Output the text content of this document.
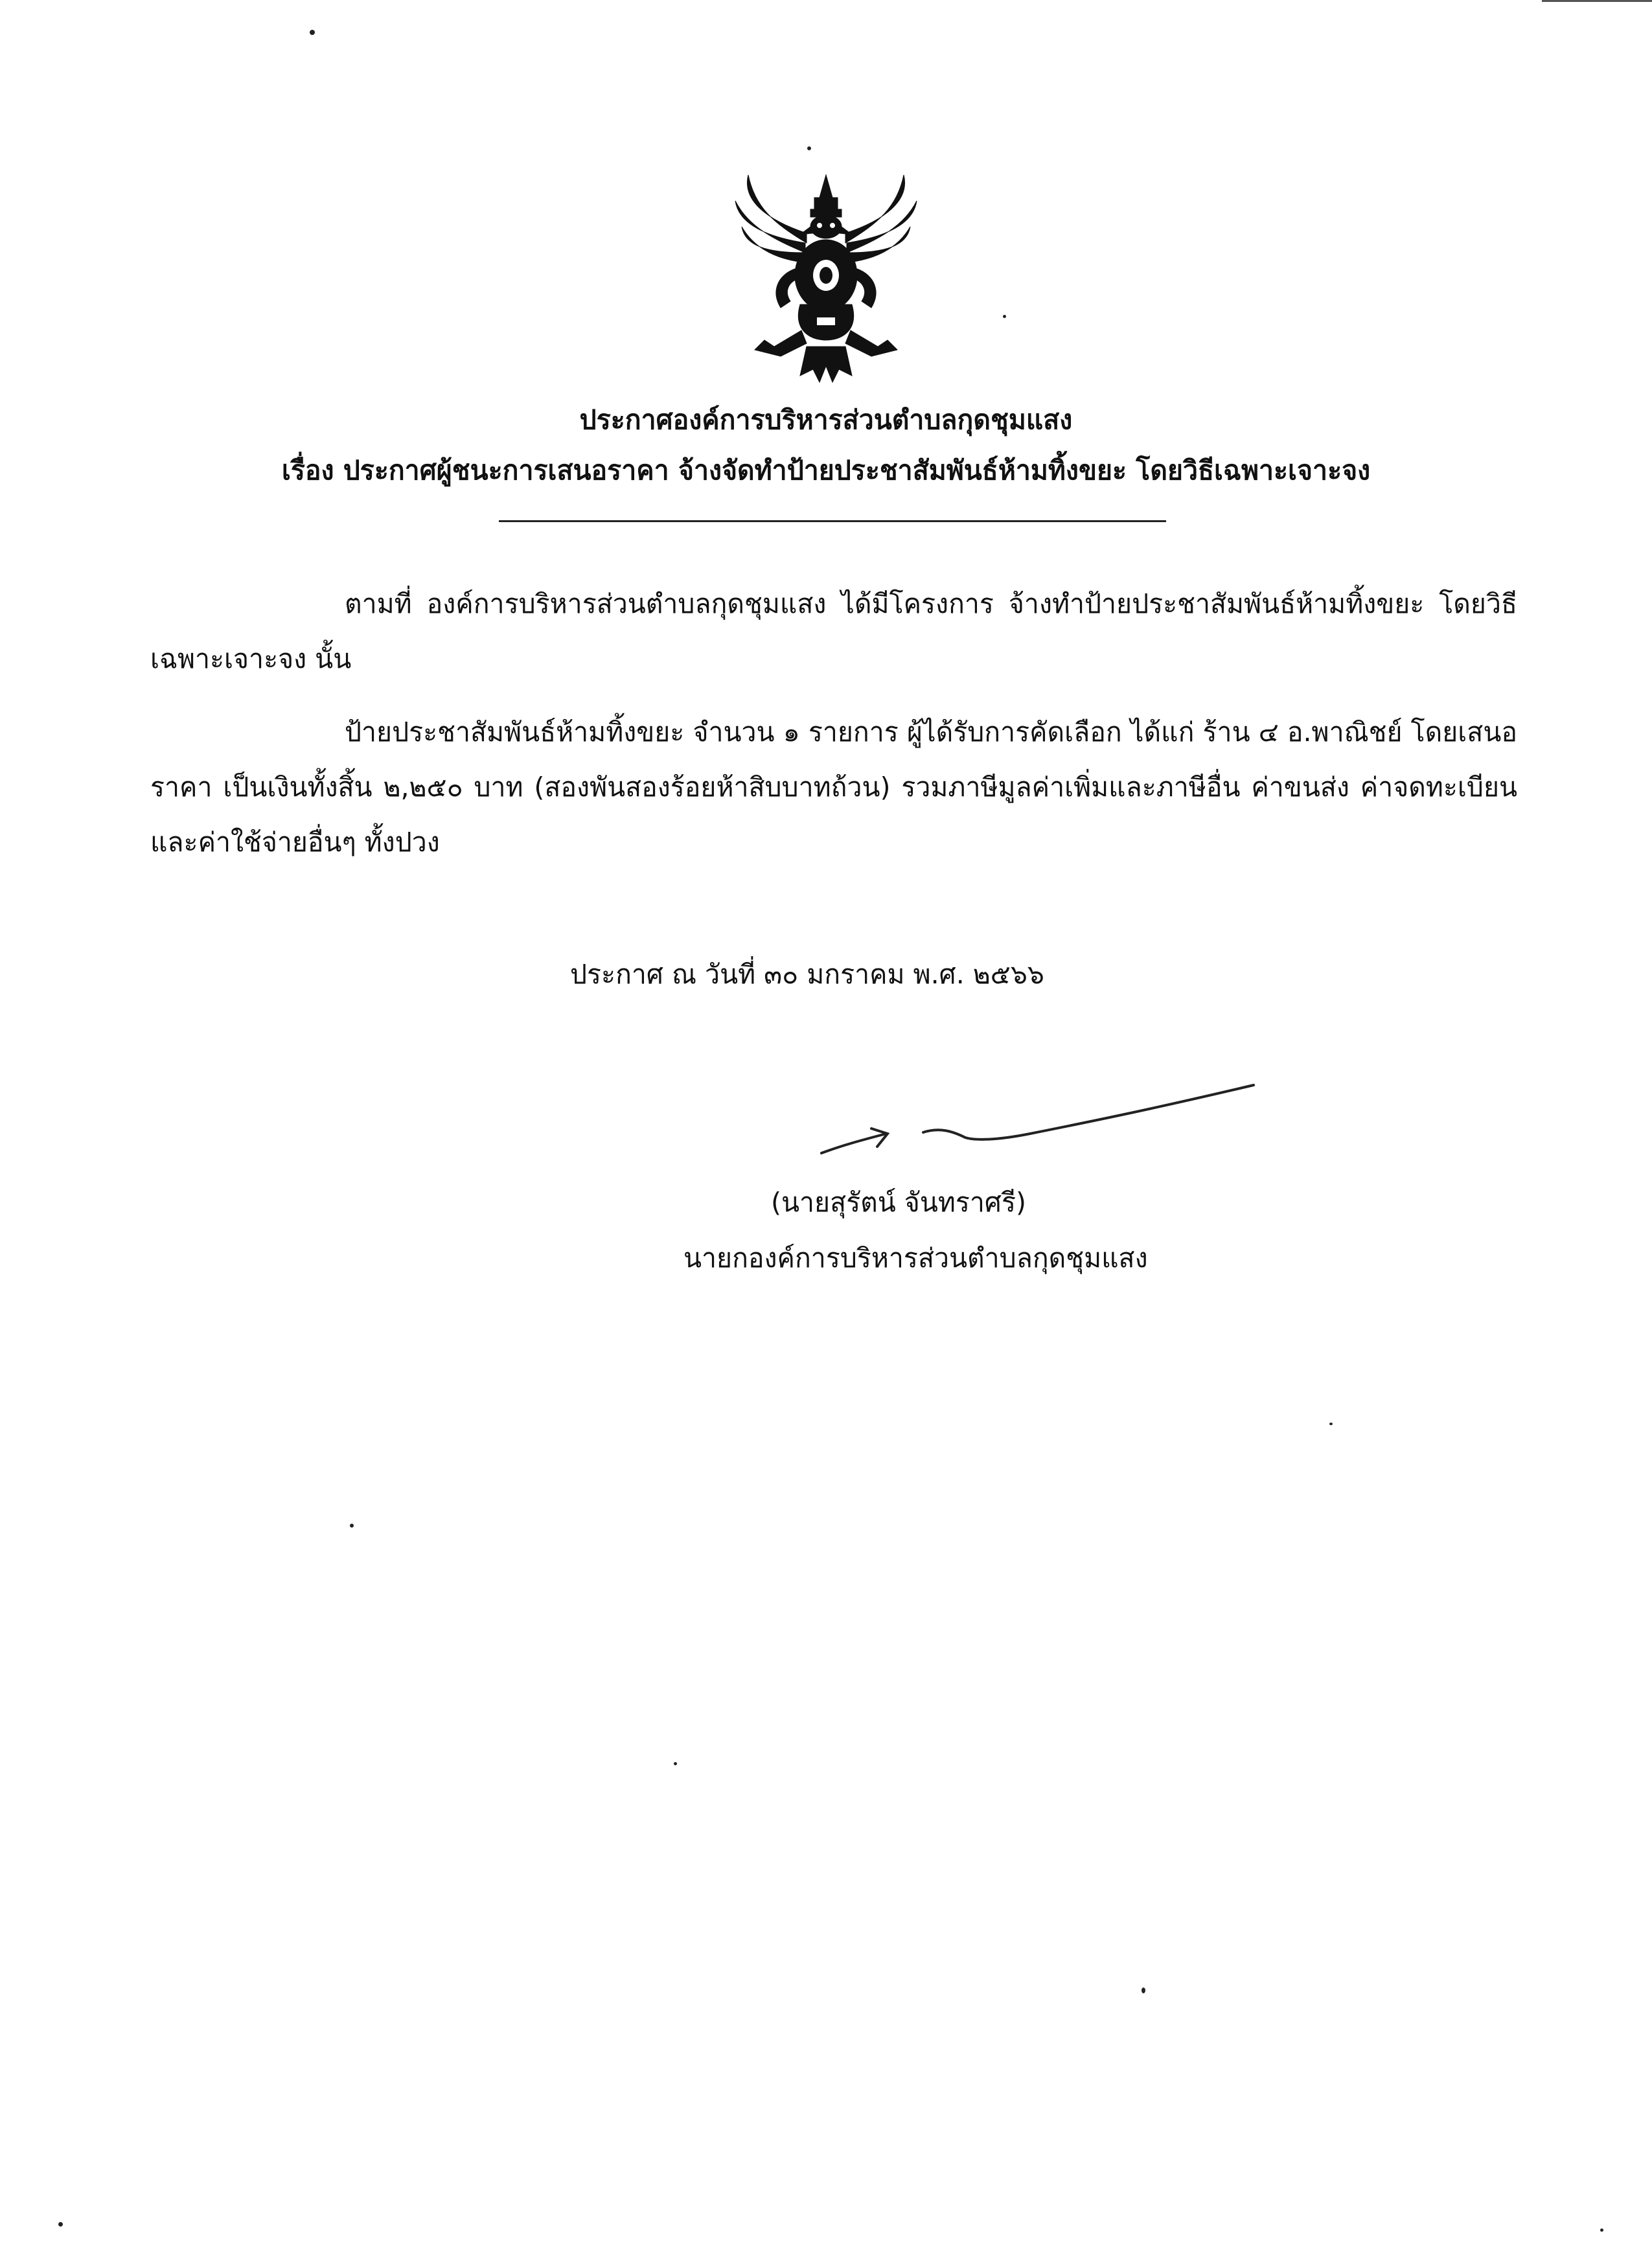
ประกาศองค์การบริหารส่วนตำบลกุดชุมแสง
เรื่อง ประกาศผู้ชนะการเสนอราคา จ้างจัดทำป้ายประชาสัมพันธ์ห้ามทิ้งขยะ โดยวิธีเฉพาะเจาะจง
ตามที่ องค์การบริหารส่วนตำบลกุดชุมแสง ได้มีโครงการ จ้างทำป้ายประชาสัมพันธ์ห้ามทิ้งขยะ โดยวิธีเฉพาะเจาะจง นั้น
ป้ายประชาสัมพันธ์ห้ามทิ้งขยะ จำนวน ๑ รายการ ผู้ได้รับการคัดเลือก ได้แก่ ร้าน ๔ อ.พาณิชย์ โดยเสนอราคา เป็นเงินทั้งสิ้น ๒,๒๕๐ บาท (สองพันสองร้อยห้าสิบบาทถ้วน) รวมภาษีมูลค่าเพิ่มและภาษีอื่น ค่าขนส่ง ค่าจดทะเบียน และค่าใช้จ่ายอื่นๆ ทั้งปวง
ประกาศ ณ วันที่ ๓๐ มกราคม พ.ศ. ๒๕๖๖
(นายสุรัตน์ จันทราศรี)
นายกองค์การบริหารส่วนตำบลกุดชุมแสง
